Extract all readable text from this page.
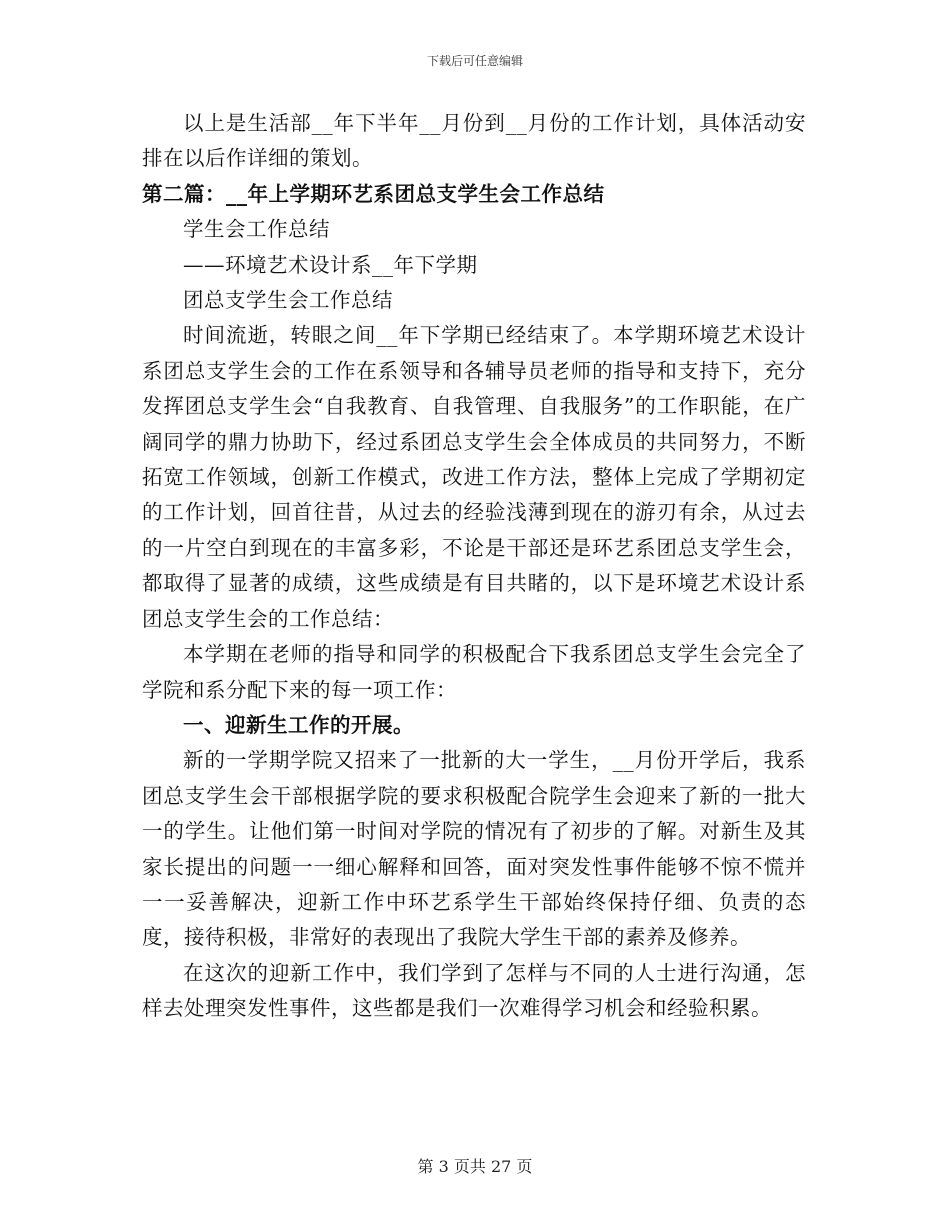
下载后可任意编辑

以上是生活部__年下半年__月份到__月份的工作计划，具体活动安排在以后作详细的策划。

第二篇：__年上学期环艺系团总支学生会工作总结

学生会工作总结

——环境艺术设计系__年下学期

团总支学生会工作总结

时间流逝，转眼之间__年下学期已经结束了。本学期环境艺术设计系团总支学生会的工作在系领导和各辅导员老师的指导和支持下，充分发挥团总支学生会“自我教育、自我管理、自我服务”的工作职能，在广阔同学的鼎力协助下，经过系团总支学生会全体成员的共同努力，不断拓宽工作领域，创新工作模式，改进工作方法，整体上完成了学期初定的工作计划，回首往昔，从过去的经验浅薄到现在的游刃有余，从过去的一片空白到现在的丰富多彩，不论是干部还是环艺系团总支学生会，都取得了显著的成绩，这些成绩是有目共睹的，以下是环境艺术设计系团总支学生会的工作总结：

本学期在老师的指导和同学的积极配合下我系团总支学生会完全了学院和系分配下来的每一项工作：

一、迎新生工作的开展。

新的一学期学院又招来了一批新的大一学生，__月份开学后，我系团总支学生会干部根据学院的要求积极配合院学生会迎来了新的一批大一的学生。让他们第一时间对学院的情况有了初步的了解。对新生及其家长提出的问题一一细心解释和回答，面对突发性事件能够不惊不慌并一一妥善解决，迎新工作中环艺系学生干部始终保持仔细、负责的态度，接待积极，非常好的表现出了我院大学生干部的素养及修养。

在这次的迎新工作中，我们学到了怎样与不同的人士进行沟通，怎样去处理突发性事件，这些都是我们一次难得学习机会和经验积累。

第 3 页共 27 页
